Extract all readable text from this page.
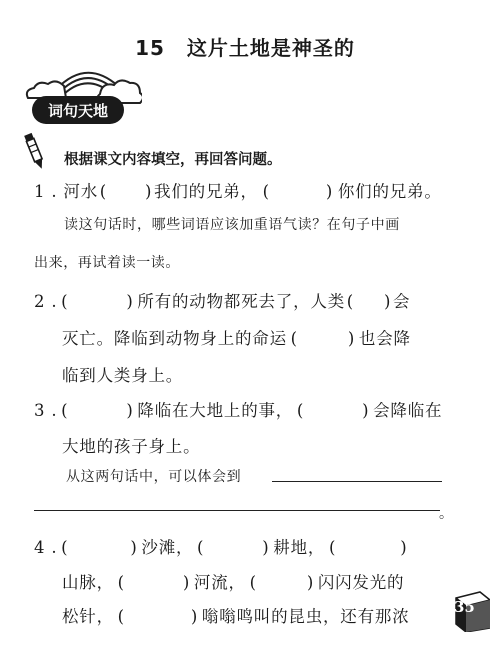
15 这片土地是神圣的
词句天地
根据课文内容填空，再回答问题。
1 . 河水 ( ) 我们的兄弟， (	) 你们的兄弟。
读这句话时，哪些词语应该加重语气读？在句子中画
出来，再试着读一读。
2 . (	) 所有的动物都死去了，人类 ( ) 会
灭亡。降临到动物身上的命运 (	) 也会降
临到人类身上。
3 . (	) 降临在大地上的事， (	) 会降临在
大地的孩子身上。
从这两句话中，可以体会到
。
4 . (	) 沙滩， (	) 耕地， (	)
山脉， (	) 河流， (	) 闪闪发光的
松针， (	) 嗡嗡鸣叫的昆虫，还有那浓	35
